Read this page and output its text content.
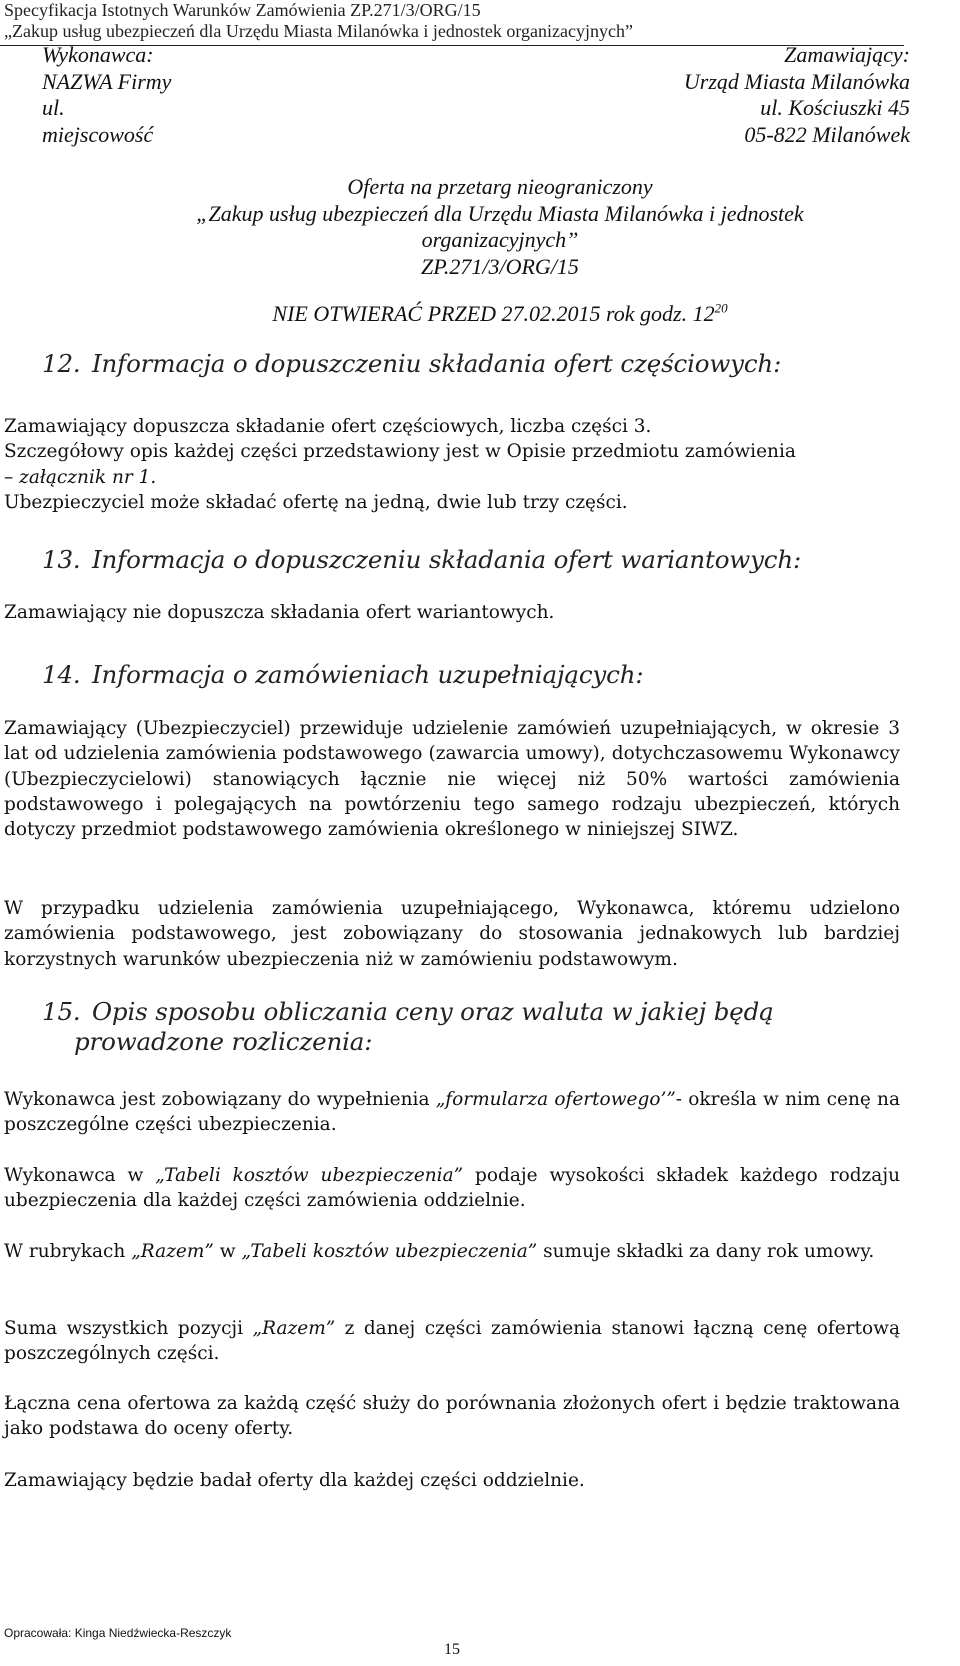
Specyfikacja Istotnych Warunków Zamówienia ZP.271/3/ORG/15
„Zakup usług ubezpieczeń dla Urzędu Miasta Milanówka i jednostek organizacyjnych”
Wykonawca:
NAZWA Firmy
ul.
miejscowość
Zamawiający:
Urząd Miasta Milanówka
ul. Kościuszki 45
05-822 Milanówek
Oferta na przetarg nieograniczony
„Zakup usług ubezpieczeń dla Urzędu Miasta Milanówka i jednostek
organizacyjnych”
ZP.271/3/ORG/15
NIE OTWIERAĆ PRZED 27.02.2015 rok godz. $12^{20}$
12. Informacja o dopuszczeniu składania ofert częściowych:
Zamawiający dopuszcza składanie ofert częściowych, liczba części 3.
Szczegółowy opis każdej części przedstawiony jest w Opisie przedmiotu zamówienia
– załącznik nr 1.
Ubezpieczyciel może składać ofertę na jedną, dwie lub trzy części.
13. Informacja o dopuszczeniu składania ofert wariantowych:
Zamawiający nie dopuszcza składania ofert wariantowych.
14. Informacja o zamówieniach uzupełniających:
Zamawiający (Ubezpieczyciel) przewiduje udzielenie zamówień uzupełniających, w okresie 3 lat od udzielenia zamówienia podstawowego (zawarcia umowy), dotychczasowemu Wykonawcy (Ubezpieczycielowi) stanowiących łącznie nie więcej niż 50% wartości zamówienia podstawowego i polegających na powtórzeniu tego samego rodzaju ubezpieczeń, których dotyczy przedmiot podstawowego zamówienia określonego w niniejszej SIWZ.
W przypadku udzielenia zamówienia uzupełniającego, Wykonawca, któremu udzielono zamówienia podstawowego, jest zobowiązany do stosowania jednakowych lub bardziej korzystnych warunków ubezpieczenia niż w zamówieniu podstawowym.
15. Opis sposobu obliczania ceny oraz waluta w jakiej będą
prowadzone rozliczenia:
Wykonawca jest zobowiązany do wypełnienia „formularza ofertowego’”- określa w nim cenę na poszczególne części ubezpieczenia.
Wykonawca w „Tabeli kosztów ubezpieczenia” podaje wysokości składek każdego rodzaju ubezpieczenia dla każdej części zamówienia oddzielnie.
W rubrykach „Razem” w „Tabeli kosztów ubezpieczenia” sumuje składki za dany rok umowy.
Suma wszystkich pozycji „Razem” z danej części zamówienia stanowi łączną cenę ofertową poszczególnych części.
Łączna cena ofertowa za każdą część służy do porównania złożonych ofert i będzie traktowana jako podstawa do oceny oferty.
Zamawiający będzie badał oferty dla każdej części oddzielnie.
Opracowała: Kinga Niedźwiecka-Reszczyk
15
